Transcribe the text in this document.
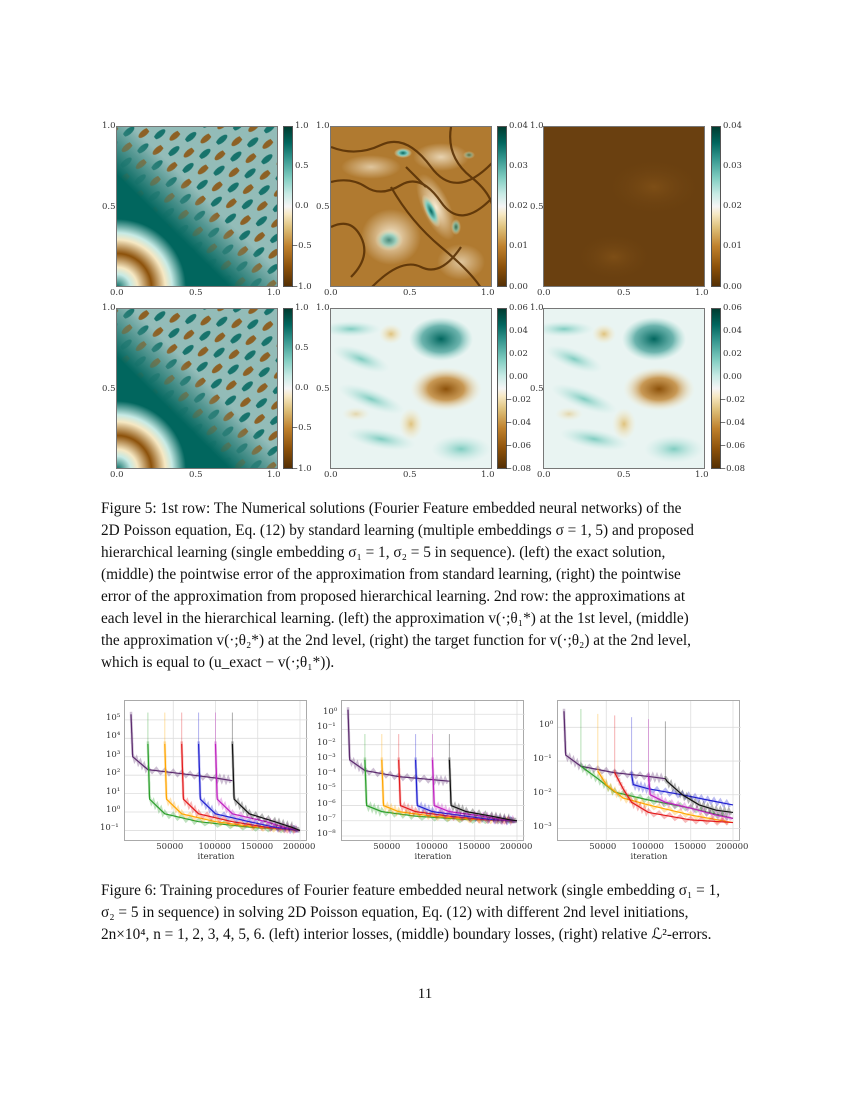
1.0
0.5
0.0	0.5	1.0
1.0
0.5
0.0
−0.5
−1.0
1.0
0.5
0.0	0.5	1.0
0.04
0.03
0.02
0.01
0.00
1.0
0.5
0.0	0.5	1.0
0.04
0.03
0.02
0.01
0.00
1.0
0.5
0.0	0.5	1.0
1.0
0.5
0.0
−0.5
−1.0
1.0
0.5
0.0	0.5	1.0
0.06
0.04
0.02
0.00
−0.02
−0.04
−0.06
−0.08
1.0
0.5
0.0	0.5	1.0
0.06
0.04
0.02
0.00
−0.02
−0.04
−0.06
−0.08
Figure 5: 1st row: The Numerical solutions (Fourier Feature embedded neural networks) of the
2D Poisson equation, Eq. (12) by standard learning (multiple embeddings σ = 1, 5) and proposed
hierarchical learning (single embedding σ₁ = 1, σ₂ = 5 in sequence). (left) the exact solution,
(middle) the pointwise error of the approximation from standard learning, (right) the pointwise
error of the approximation from proposed hierarchical learning. 2nd row: the approximations at
each level in the hierarchical learning. (left) the approximation v(·;θ₁*) at the 1st level, (middle)
the approximation v(·;θ₂*) at the 2nd level, (right) the target function for v(·;θ₂) at the 2nd level,
which is equal to (u_exact − v(·;θ₁*)).
50000 100000 150000 200000
iteration
10⁻¹
10⁰
10¹
10²
10³
10⁴
10⁵
50000 100000 150000 200000
iteration
10⁻⁸
10⁻⁷
10⁻⁶
10⁻⁵
10⁻⁴
10⁻³
10⁻²
10⁻¹
10⁰
50000 100000 150000 200000
iteration
10⁻³
10⁻²
10⁻¹
10⁰
Figure 6: Training procedures of Fourier feature embedded neural network (single embedding σ₁ = 1,
σ₂ = 5 in sequence) in solving 2D Poisson equation, Eq. (12) with different 2nd level initiations,
2n×10⁴, n = 1, 2, 3, 4, 5, 6. (left) interior losses, (middle) boundary losses, (right) relative ℒ²-errors.
11
